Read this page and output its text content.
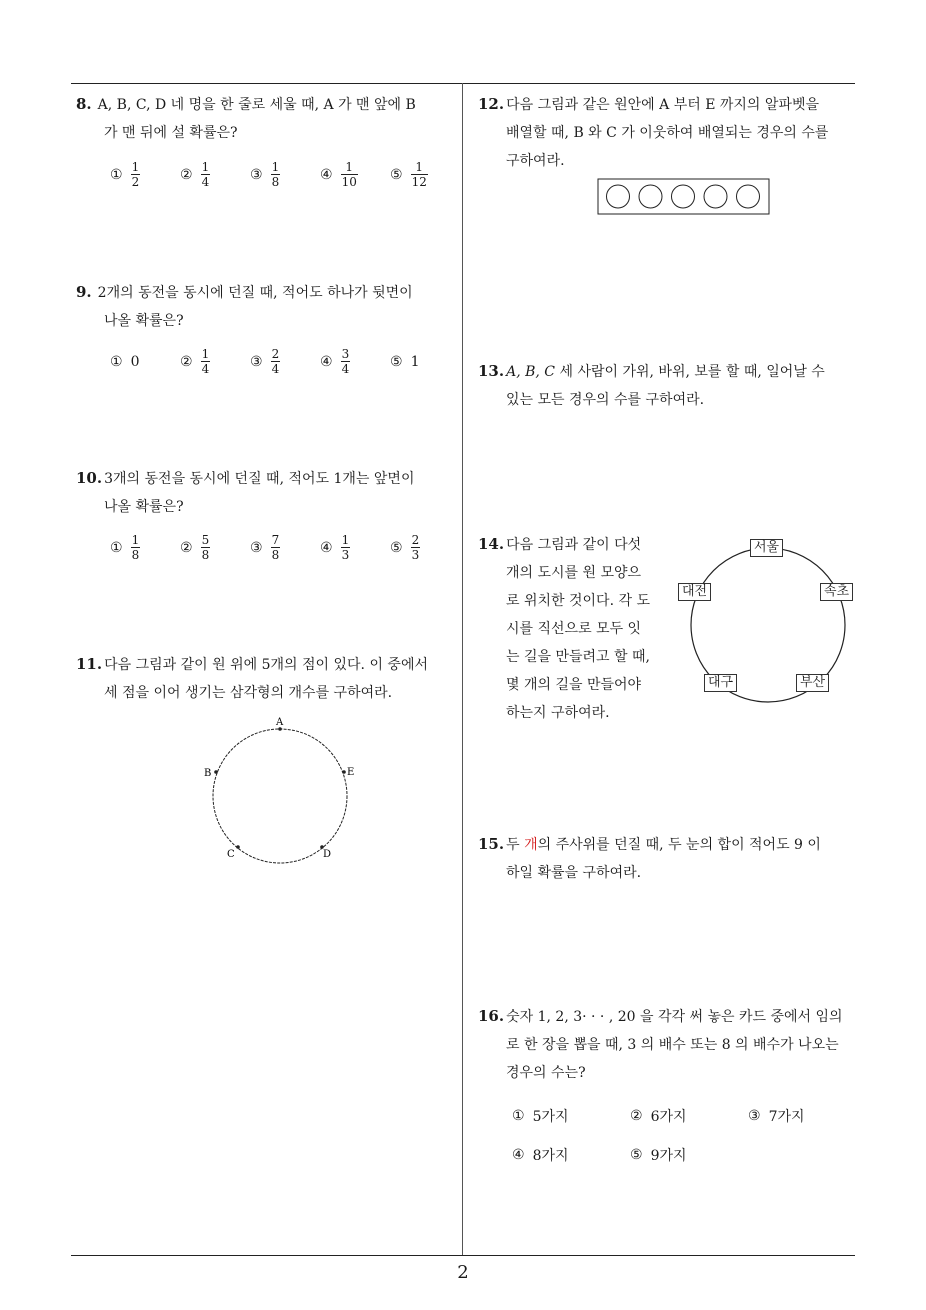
8. A, B, C, D 네 명을 한 줄로 세울 때, A 가 맨 앞에 B
가 맨 뒤에 설 확률은?
① $\frac{1}{2}$	② $\frac{1}{4}$	③ $\frac{1}{8}$	④ $\frac{1}{10}$ ⑤ $\frac{1}{12}$
9. 2개의 동전을 동시에 던질 때, 적어도 하나가 뒷면이
나올 확률은?
① 0	② $\frac{1}{4}$	③ $\frac{2}{4}$	④ $\frac{3}{4}$	⑤ 1
10. 3개의 동전을 동시에 던질 때, 적어도 1개는 앞면이
나올 확률은?
① $\frac{1}{8}$	② $\frac{5}{8}$	③ $\frac{7}{8}$	④ $\frac{1}{3}$	⑤ $\frac{2}{3}$
11. 다음 그림과 같이 원 위에 5개의 점이 있다. 이 중에서
세 점을 이어 생기는 삼각형의 개수를 구하여라.
A
B	E
C	D
12. 다음 그림과 같은 원안에 A 부터 E 까지의 알파벳을
배열할 때, B 와 C 가 이웃하여 배열되는 경우의 수를
구하여라.
13. A, B, C 세 사람이 가위, 바위, 보를 할 때, 일어날 수
있는 모든 경우의 수를 구하여라.
14. 다음 그림과 같이 다섯
개의 도시를 원 모양으
로 위치한 것이다. 각 도
시를 직선으로 모두 잇
는 길을 만들려고 할 때,
몇 개의 길을 만들어야
하는지 구하여라.
서울
대전	속초
대구	부산
15. 두 개의 주사위를 던질 때, 두 눈의 합이 적어도 9 이
하일 확률을 구하여라.
16. 숫자 1, 2, 3· · · , 20 을 각각 써 놓은 카드 중에서 임의
로 한 장을 뽑을 때, 3 의 배수 또는 8 의 배수가 나오는
경우의 수는?
① 5가지	② 6가지	③ 7가지
④ 8가지	⑤ 9가지
2
